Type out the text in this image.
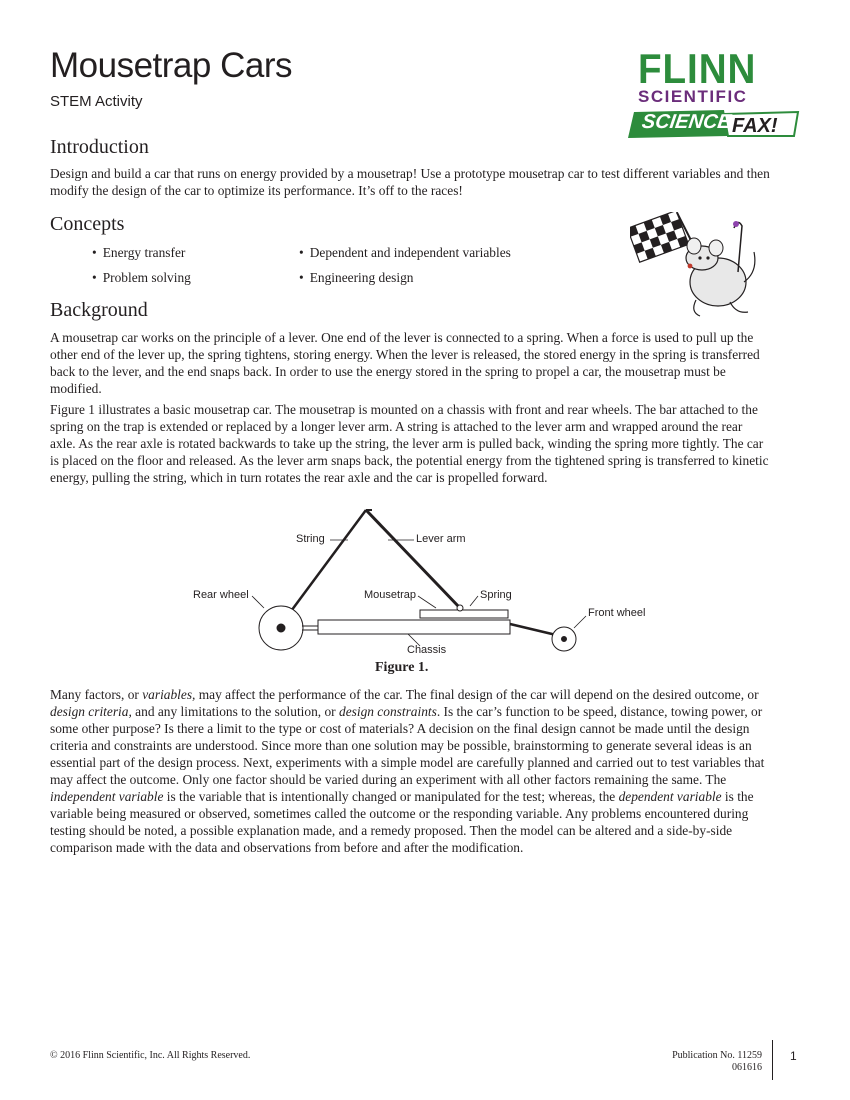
Mousetrap Cars
STEM Activity
FLINN
SCIENTIFIC
SCIENCE FAX!
Introduction
Design and build a car that runs on energy provided by a mousetrap! Use a prototype mousetrap car to test different variables and then modify the design of the car to optimize its performance. It’s off to the races!
Concepts
• Energy transfer	• Dependent and independent variables
• Problem solving	• Engineering design
Background
A mousetrap car works on the principle of a lever. One end of the lever is connected to a spring. When a force is used to pull up the other end of the lever up, the spring tightens, storing energy. When the lever is released, the stored energy in the spring is transferred back to the lever, and the end snaps back. In order to use the energy stored in the spring to propel a car, the mousetrap must be modified.
Figure 1 illustrates a basic mousetrap car. The mousetrap is mounted on a chassis with front and rear wheels. The bar attached to the spring on the trap is extended or replaced by a longer lever arm. A string is attached to the lever arm and wrapped around the rear axle. As the rear axle is rotated backwards to take up the string, the lever arm is pulled back, winding the spring more tightly. The car is placed on the floor and released. As the lever arm snaps back, the potential energy from the tightened spring is transferred to kinetic energy, pulling the string, which in turn rotates the rear axle and the car is propelled forward.
String	Lever arm
Rear wheel	Mousetrap	Spring
Front wheel
Chassis
Figure 1.
Many factors, or variables, may affect the performance of the car. The final design of the car will depend on the desired outcome, or design criteria, and any limitations to the solution, or design constraints. Is the car’s function to be speed, distance, towing power, or some other purpose? Is there a limit to the type or cost of materials? A decision on the final design cannot be made until the design criteria and constraints are understood. Since more than one solution may be possible, brainstorming to generate several ideas is an essential part of the design process. Next, experiments with a simple model are carefully planned and carried out to test variables that may affect the outcome. Only one factor should be varied during an experiment with all other factors remaining the same. The independent variable is the variable that is intentionally changed or manipulated for the test; whereas, the dependent variable is the variable being measured or observed, sometimes called the outcome or the responding variable. Any problems encountered during testing should be noted, a possible explanation made, and a remedy proposed. Then the model can be altered and a side-by-side comparison made with the data and observations from before and after the modification.
© 2016 Flinn Scientific, Inc. All Rights Reserved.	Publication No. 11259
061616
1
